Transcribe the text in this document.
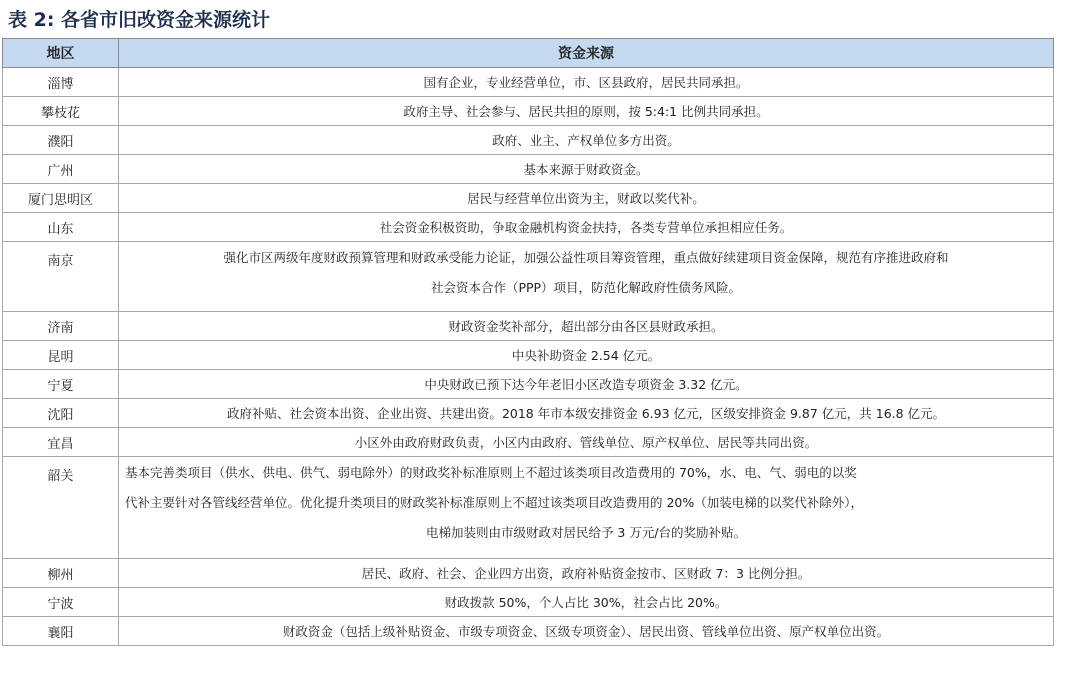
表 2: 各省市旧改资金来源统计
地区	资金来源
淄博	国有企业，专业经营单位，市、区县政府，居民共同承担。
攀枝花	政府主导、社会参与、居民共担的原则，按 5:4:1 比例共同承担。
濮阳	政府、业主、产权单位多方出资。
广州	基本来源于财政资金。
厦门思明区	居民与经营单位出资为主，财政以奖代补。
山东	社会资金积极资助，争取金融机构资金扶持，各类专营单位承担相应任务。
南京	强化市区两级年度财政预算管理和财政承受能力论证，加强公益性项目筹资管理，重点做好续建项目资金保障，规范有序推进政府和
社会资本合作（PPP）项目，防范化解政府性债务风险。

济南	财政资金奖补部分，超出部分由各区县财政承担。
昆明	中央补助资金 2.54 亿元。
宁夏	中央财政已预下达今年老旧小区改造专项资金 3.32 亿元。
沈阳	政府补贴、社会资本出资、企业出资、共建出资。2018 年市本级安排资金 6.93 亿元，区级安排资金 9.87 亿元，共 16.8 亿元。
宜昌	小区外由政府财政负责，小区内由政府、管线单位、原产权单位、居民等共同出资。
韶关	基本完善类项目（供水、供电、供气、弱电除外）的财政奖补标准原则上不超过该类项目改造费用的 70%，水、电、气、弱电的以奖
代补主要针对各管线经营单位。优化提升类项目的财政奖补标准原则上不超过该类项目改造费用的 20%（加装电梯的以奖代补除外），
电梯加装则由市级财政对居民给予 3 万元/台的奖励补贴。

柳州	居民、政府、社会、企业四方出资，政府补贴资金按市、区财政 7：3 比例分担。
宁波	财政拨款 50%，个人占比 30%，社会占比 20%。
襄阳	财政资金（包括上级补贴资金、市级专项资金、区级专项资金）、居民出资、管线单位出资、原产权单位出资。
